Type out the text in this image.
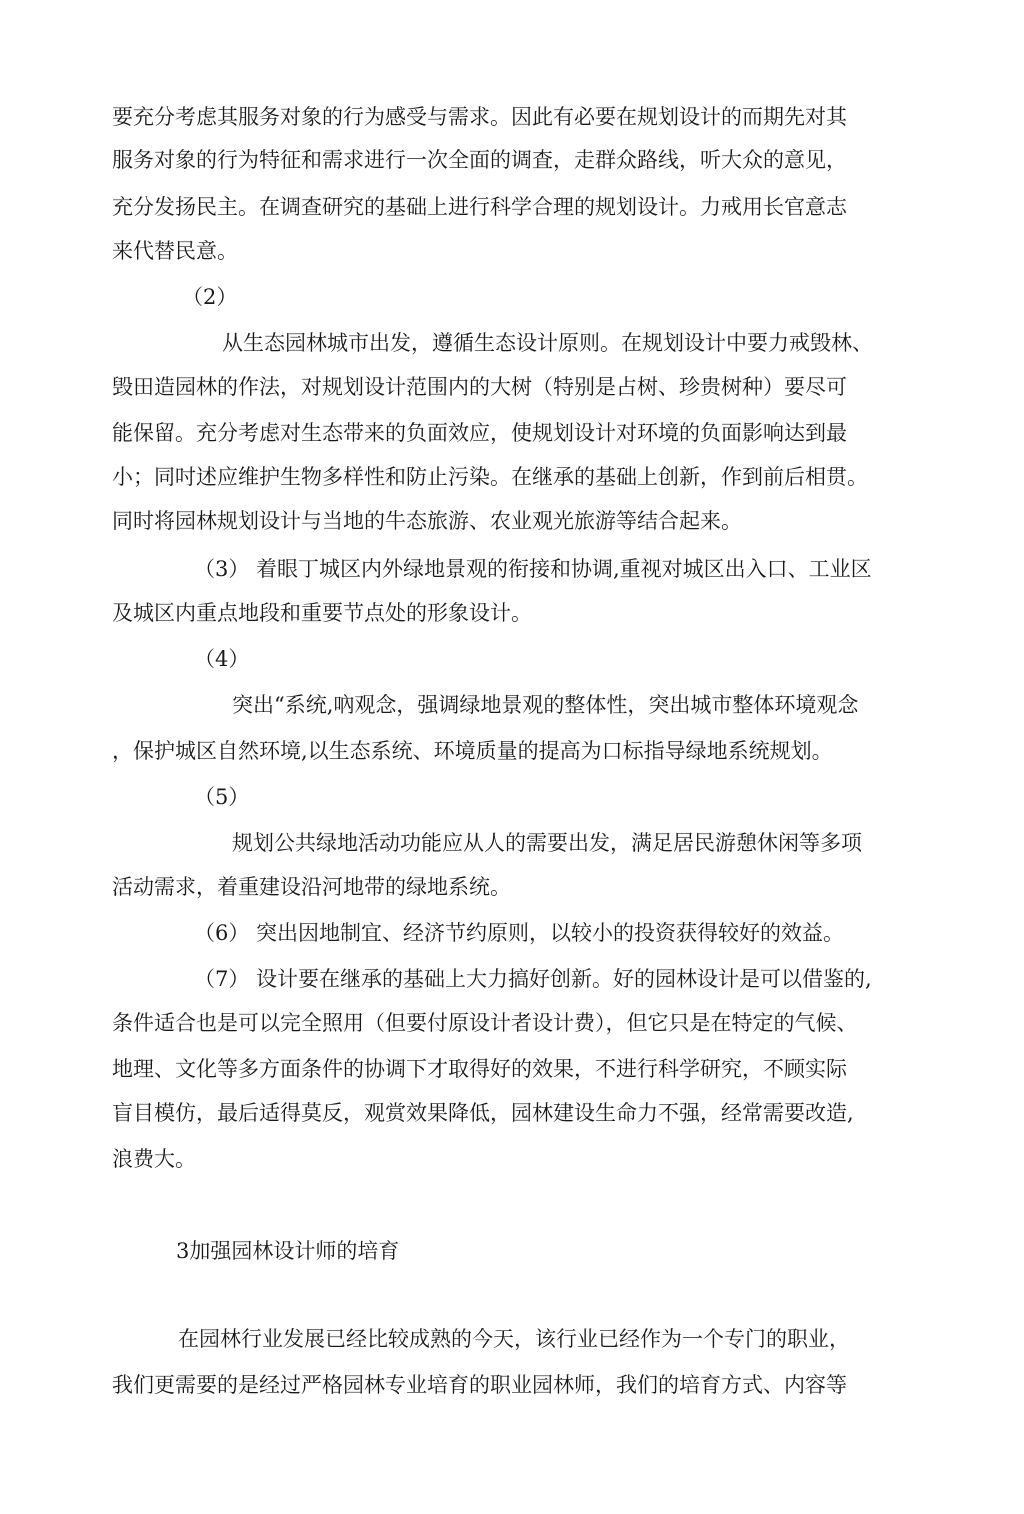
要充分考虑其服务对象的行为感受与需求。因此有必要在规划设计的而期先对其
服务对象的行为特征和需求进行一次全面的调査，走群众路线，听大众的意见，
充分发扬民主。在调查研究的基础上进行科学合理的规划设计。力戒用长官意志
来代替民意。
（2）
从生态园林城市出发，遵循生态设计原则。在规划设计中要力戒毁林、
毁田造园林的作法，对规划设计范围内的大树（特别是占树、珍贵树种）要尽可
能保留。充分考虑对生态带来的负面效应，使规划设计对环境的负面影响达到最
小；同吋述应维护生物多样性和防止污染。在继承的基础上创新，作到前后相贯。
同时将园林规划设计与当地的牛态旅游、农业观光旅游等结合起来。
（3） 着眼丁城区内外绿地景观的衔接和协调,重视对城区出入口、工业区
及城区内重点地段和重要节点处的形象设计。
（4）
突出“系统,吶观念，强调绿地景观的整体性，突出城市整体环境观念
，保护城区自然环境,以生态系统、环境质量的提高为口标指导绿地系统规划。
（5）
规划公共绿地活动功能应从人的需要出发，满足居民游憩休闲等多项
活动需求，着重建设沿河地带的绿地系统。
（6） 突出因地制宜、经济节约原则，以较小的投资获得较好的效益。
（7） 设计要在继承的基础上大力搞好创新。好的园林设计是可以借鉴的,
条件适合也是可以完全照用（但要付原设计者设计费），但它只是在特定的气候、
地理、文化等多方面条件的协调下才取得好的效果，不进行科学研究，不顾实际
盲目模仿，最后适得莫反，观赏效果降低，园林建设生命力不强，经常需要改造,
浪费大。
3加强园林设计师的培育
在园林行业发展已经比较成熟的今天，该行业已经作为一个专门的职业，
我们更需要的是经过严格园林专业培育的职业园林师，我们的培育方式、内容等
